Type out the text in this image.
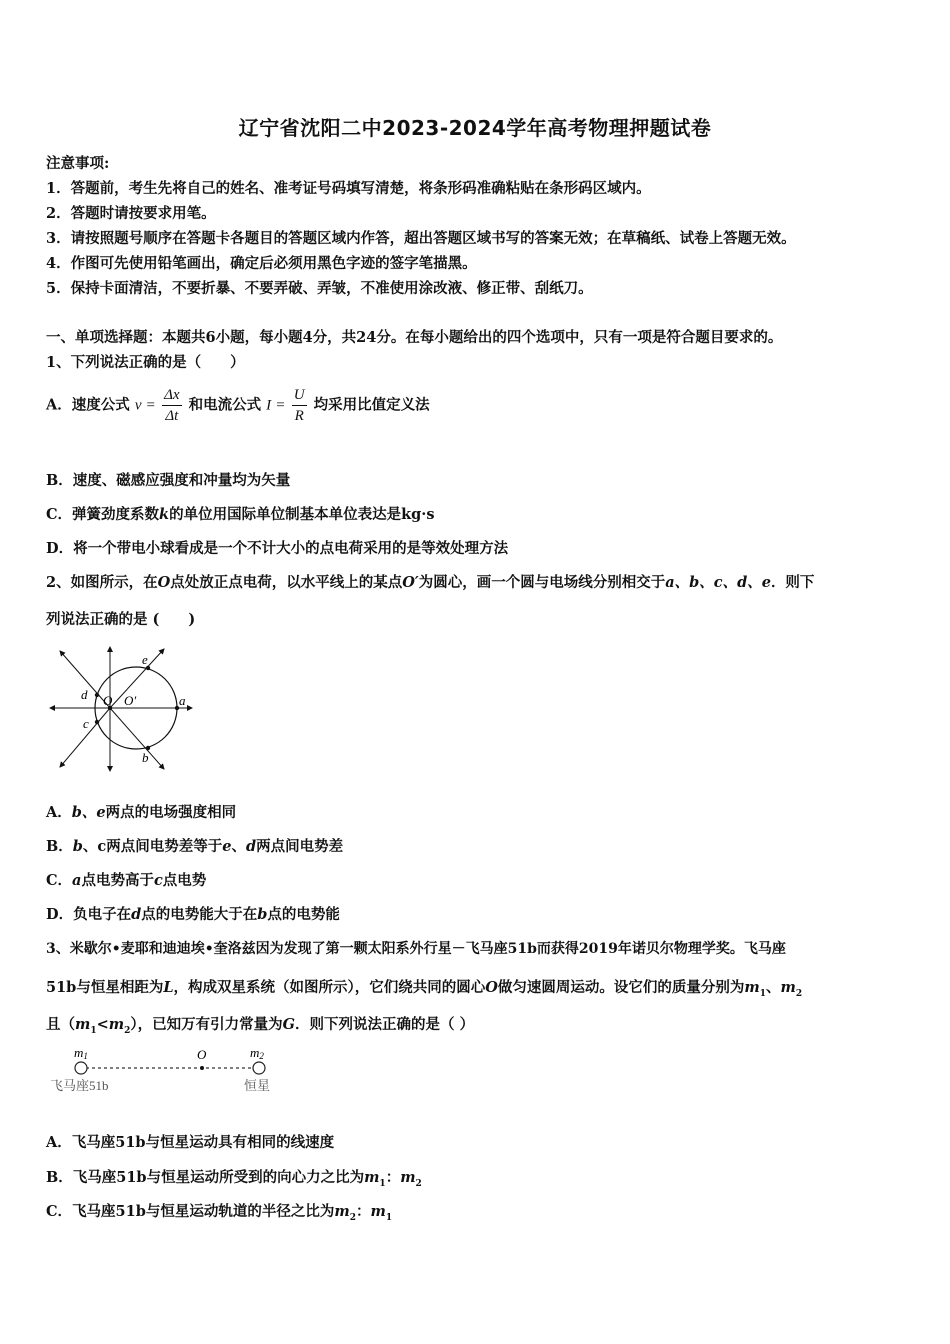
辽宁省沈阳二中2023-2024学年高考物理押题试卷
注意事项:
1．答题前，考生先将自己的姓名、准考证号码填写清楚，将条形码准确粘贴在条形码区域内。
2．答题时请按要求用笔。
3．请按照题号顺序在答题卡各题目的答题区域内作答，超出答题区域书写的答案无效；在草稿纸、试卷上答题无效。
4．作图可先使用铅笔画出，确定后必须用黑色字迹的签字笔描黑。
5．保持卡面清洁，不要折暴、不要弄破、弄皱，不准使用涂改液、修正带、刮纸刀。
一、单项选择题：本题共6小题，每小题4分，共24分。在每小题给出的四个选项中，只有一项是符合题目要求的。
1、下列说法正确的是（　　）
A．速度公式 $v = \frac{\Delta x}{\Delta t}$ 和电流公式 $I = \frac{U}{R}$ 均采用比值定义法
B．速度、磁感应强度和冲量均为矢量
C．弹簧劲度系数k的单位用国际单位制基本单位表达是kg·s
D．将一个带电小球看成是一个不计大小的点电荷采用的是等效处理方法
2、如图所示，在O点处放正点电荷，以水平线上的某点O′为圆心，画一个圆与电场线分别相交于a、b、c、d、e．则下
列说法正确的是 (　　)
e
d O O′	a
c
b
A．b、e两点的电场强度相同
B．b、c两点间电势差等于e、d两点间电势差
C．a点电势高于c点电势
D．负电子在d点的电势能大于在b点的电势能
3、米歇尔•麦耶和迪迪埃•奎洛兹因为发现了第一颗太阳系外行星－飞马座51b而获得2019年诺贝尔物理学奖。飞马座
51b与恒星相距为L，构成双星系统（如图所示），它们绕共同的圆心O做匀速圆周运动。设它们的质量分别为$m_1$、$m_2$
且$(m_1<m_2)$，已知万有引力常量为G．则下列说法正确的是（ ）
m1	O	m2
飞马座51b	恒星
A．飞马座51b与恒星运动具有相同的线速度
B．飞马座51b与恒星运动所受到的向心力之比为$m_1$：$m_2$
C．飞马座51b与恒星运动轨道的半径之比为$m_2$：$m_1$
